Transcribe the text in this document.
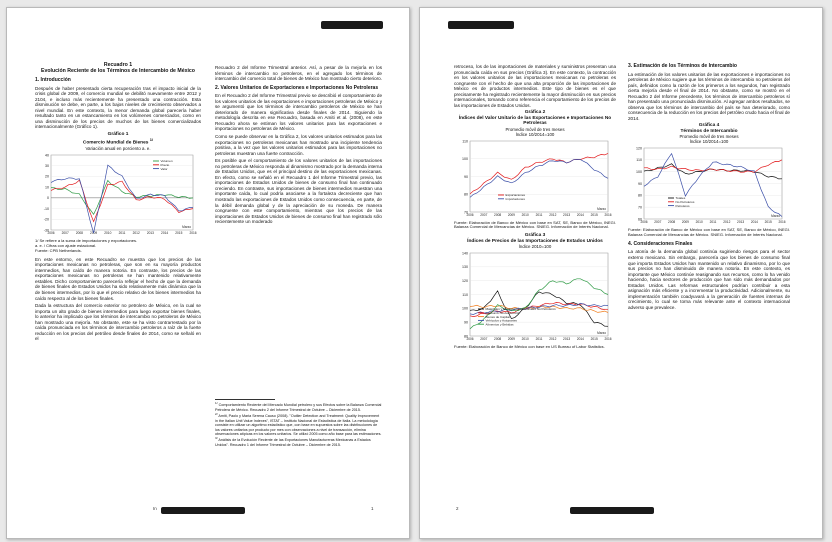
Recuadro 1
Evolución Reciente de los Términos de Intercambio de México
1. Introducción

Después de haber presentado cierta recuperación tras el impacto inicial de la crisis global de 2009, el comercio mundial se debilitó nuevamente entre 2012 y 2104, e incluso más recientemente ha presentado una contracción. Esta disminución se debe, en parte, a los bajos niveles de crecimiento observados a nivel mundial. En este contexto, la menor demanda global parecería haber resultado tanto en un estancamiento en los volúmenes comerciados, como en una disminución de los precios de muchos de los bienes comercializados internacionalmente (Gráfico 1).

Gráfico 1
Comercio Mundial de Bienes $^{1/}$
Variación anual en porciento a. e.
40
30
20
10
0
-10
-20
-30
2006 2007 2008 2009 2010 2011 2012 2013 2014 2015 2016
Marzo
Volumen
Precio
Valor
1/ Se refiere a la suma de importaciones y exportaciones.
a. e. / Cifras con ajuste estacional.
Fuente: CPB Netherlands.

En este entorno, en este Recuadro se muestra que los precios de las importaciones mexicanas no petroleras, que son en su mayoría productos intermedios, han caído de manera notoria. En contraste, los precios de las exportaciones mexicanas no petroleras se han mantenido relativamente estables. Dicho comportamiento parecería reflejar el hecho de que la demanda de bienes finales de Estados Unidos ha sido relativamente más dinámica que la de bienes intermedios, por lo que el precio relativo de los bienes intermedios ha caído respecto al de los bienes finales.

Dada la estructura del comercio exterior no petrolero de México, en la cual se importa un alto grado de bienes intermedios para luego exportar bienes finales, lo anterior ha implicado que los términos de intercambio no petroleros de México han mostrado una mejoría. No obstante, este se ha visto contrarrestado por la caída pronunciada en los términos de intercambio petroleros a raíz de la fuerte reducción en los precios del petróleo desde finales de 2014, como se señaló en el

Recuadro 2 del Informe Trimestral anterior. Así, a pesar de la mejoría en los términos de intercambio no petroleros, en el agregado los términos de intercambio del comercio total de bienes de México han mostrado cierto deterioro.

2. Valores Unitarios de Exportaciones e Importaciones No Petroleras

En el Recuadro 2 del Informe Trimestral previo se describió el comportamiento de los valores unitarios de las exportaciones e importaciones petroleras de México y se argumentó que los términos de intercambio petroleros de México se han deteriorado de manera significativa desde finales de 2014. Siguiendo la metodología descrita en ese Recuadro, basada en Amiti et al. (2008), en este Recuadro ahora se estiman los valores unitarios para las exportaciones e importaciones no petroleras de México.

Como se puede observar en la Gráfica 2, los valores unitarios estimados para las exportaciones no petroleras mexicanas han mostrado una incipiente tendencia positiva, a la vez que los valores unitarios estimados para las importaciones no petroleras muestran una fuerte contracción.

Es posible que el comportamiento de los valores unitarios de las importaciones no petroleras de México responda al dinamismo mostrado por la demanda interna de Estados Unidos, que es el principal destino de las exportaciones mexicanas. En efecto, como se señaló en el Recuadro 1 del Informe Trimestral previo, las importaciones de Estados Unidos de bienes de consumo final han continuado creciendo. En contraste, sus importaciones de bienes intermedios muestran una importante caída, lo cual podría asociarse a la fortaleza decreciente que han mostrado las exportaciones de Estados Unidos como consecuencia, en parte, de la débil demanda global y de la apreciación de su moneda. De manera congruente con este comportamiento, mientras que los precios de las importaciones de Estados Unidos de bienes de consumo final han registrado sólo recientemente un moderado

$^{1/}$ Comportamiento Reciente del Mercado Mundial petrolero y sus Efectos sobre la Balanza Comercial Petrolera de México. Recuadro 2 del Informe Trimestral de Octubre – Diciembre de 2015.
$^{2/}$ Amiti, Paolo y Maria Serena Causo (2008). "Outlier Detection and Treatment: Quality Improvement in the Italian Unit Value Indexes", ISTAT – Instituto Nacional de Estadística de Italia. La metodología consiste en utilizar un algoritmo estadístico que, con base en supuestos sobre las distribuciones de los valores unitarios por producto por mes con observaciones a nivel de transacción, elimina observaciones atípicas en los valores unitarios. Se utilizó 2005 como año base para las estimaciones.
$^{3/}$ Análisis de la Evolución Reciente de las Exportaciones Manufactureras Mexicanas a Estados Unidos". Recuadro 1 del Informe Trimestral de Octubre – Diciembre de 2015.
In	1

retroceso, los de las importaciones de materiales y suministros presentan una pronunciada caída en sus precios (Gráfica 3). En este contexto, la contracción en los valores unitarios de las importaciones mexicanas no petroleras es congruente con el hecho de que una alta proporción de las importaciones de México es de productos intermedios. Este tipo de bienes es el que precisamente ha registrado recientemente la mayor disminución en sus precios internacionales, tomando como referencia el comportamiento de los precios de las importaciones de Estados Unidos.

Gráfica 2
Índices del Valor Unitario de las Exportaciones e Importaciones No Petroleras
Promedio móvil de tres meses
Índice 10/2014=100
110
100
90
80
70
2006 2007 2008 2009 2010 2011 2012 2013 2014 2015 2016
Marzo
Exportaciones
Importaciones
Fuente: Elaboración de Banco de México con base en SAT, SE, Banco de México, INEGI. Balanza Comercial de Mercancías de México. SNIEG. Información de Interés Nacional.
Gráfica 3
Índices de Precios de las Importaciones de Estados Unidos
Índice 2010=100
140
130
120
110
100
90
80
2006 2007 2008 2009 2010 2011 2012 2013 2014 2015 2016
Marzo
Materiales y Suministros Industriales No Petroleros
Consumo No Automotriz
Bienes de Capital
Vehículos y Autopartes
Alimentos y Bebidas
Fuente: Elaboración de Banco de México con base en US Bureau of Labor Statistics.
3. Estimación de los Términos de Intercambio

La estimación de los valores unitarios de las exportaciones e importaciones no petroleras de México sugiere que los términos de intercambio no petroleros del país, definidos como la razón de los primeros a los segundos, han registrado cierta mejoría desde el final de 2014. No obstante, como se mostró en el Recuadro 2 del Informe precedente, los términos de intercambio petroleros sí han presentado una pronunciada disminución. Al agregar ambos resultados, se observa que los términos de intercambio del país se han deteriorado, como consecuencia de la reducción en los precios del petróleo crudo hacia el final de 2014.

Gráfica 4
Términos de Intercambio
Promedio móvil de tres meses
Índice 10/2014=100
120
110
100
90
80
70
60
2006 2007 2008 2009 2010 2011 2012 2013 2014 2015 2016
Marzo
Totales
No Petroleros
Petroleros
Fuente: Elaboración de Banco de México con base en SAT, SE, Banco de México, INEGI. Balanza Comercial de Mercancías de México. SNIEG. Información de Interés Nacional.
4. Consideraciones Finales

La atonía de la demanda global continúa sugiriendo riesgos para el sector externo mexicano. Sin embargo, parecería que los bienes de consumo final que importa Estados Unidos han mantenido un relativo dinamismo, por lo que sus precios no han disminuido de manera notoria. En este contexto, es importante que México continúe reasignando sus recursos, como lo ha venido haciendo, hacia sectores de producción que han sido más demandados por Estados Unidos. Las reformas estructurales podrían contribuir a esta asignación más eficiente y a incrementar la productividad. Adicionalmente, su implementación también coadyuvará a la generación de fuentes internas de crecimiento, lo cual se torna más relevante ante el contexto internacional adverso que prevalece.

2
